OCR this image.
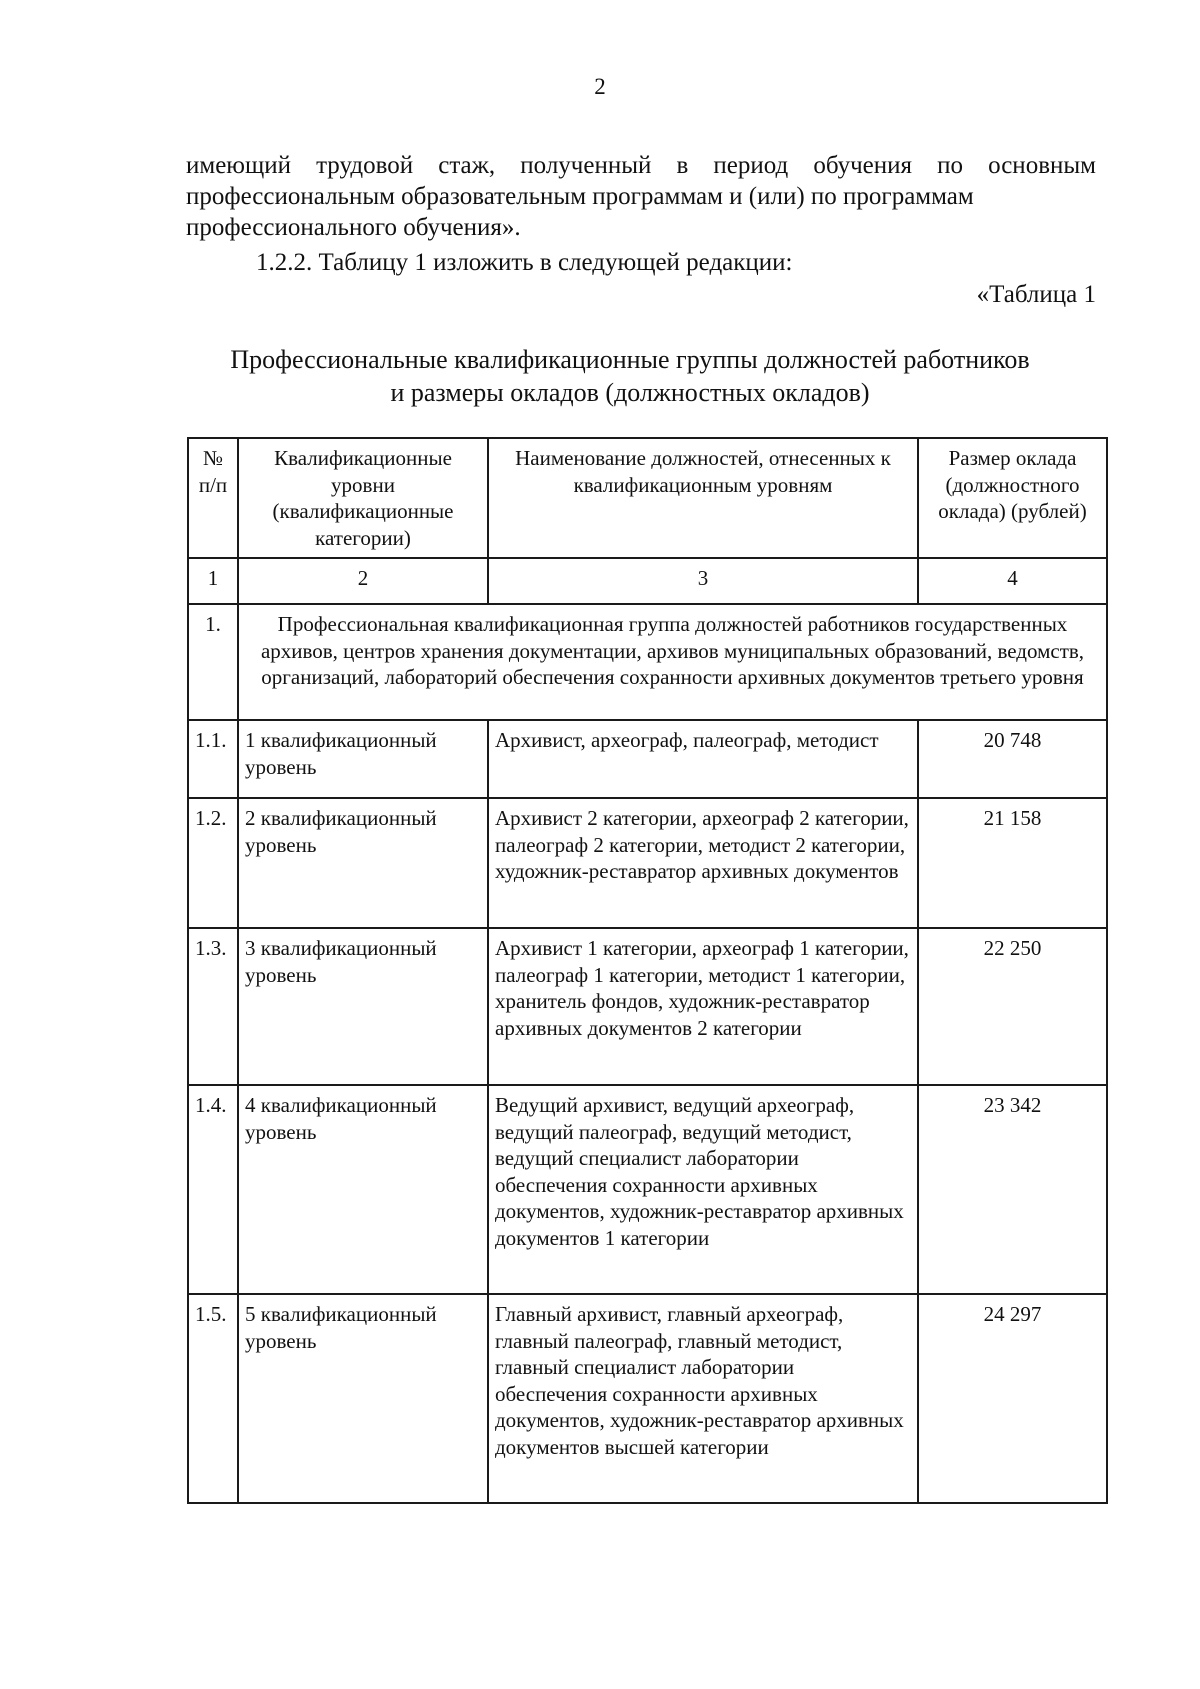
2
имеющий трудовой стаж, полученный в период обучения по основным профессиональным образовательным программам и (или) по программам
профессионального обучения».
1.2.2. Таблицу 1 изложить в следующей редакции:
«Таблица 1
Профессиональные квалификационные группы должностей работников
и размеры окладов (должностных окладов)
№ п/п	Квалификационные уровни (квалификационные категории)	Наименование должностей, отнесенных к квалификационным уровням	Размер оклада (должностного оклада) (рублей)
1	2	3	4
1.	Профессиональная квалификационная группа должностей работников государственных архивов, центров хранения документации, архивов муниципальных образований, ведомств, организаций, лабораторий обеспечения сохранности архивных документов третьего уровня		
1.1.	1 квалификационный уровень	Архивист, археограф, палеограф, методист	20 748
1.2.	2 квалификационный уровень	Архивист 2 категории, археограф 2 категории, палеограф 2 категории, методист 2 категории, художник-реставратор архивных документов	21 158
1.3.	3 квалификационный уровень	Архивист 1 категории, археограф 1 категории, палеограф 1 категории, методист 1 категории, хранитель фондов, художник-реставратор архивных документов 2 категории	22 250
1.4.	4 квалификационный уровень	Ведущий архивист, ведущий археограф, ведущий палеограф, ведущий методист, ведущий специалист лаборатории обеспечения сохранности архивных документов, художник-реставратор архивных документов 1 категории	23 342
1.5.	5 квалификационный уровень	Главный архивист, главный археограф, главный палеограф, главный методист, главный специалист лаборатории обеспечения сохранности архивных документов, художник-реставратор архивных документов высшей категории	24 297
